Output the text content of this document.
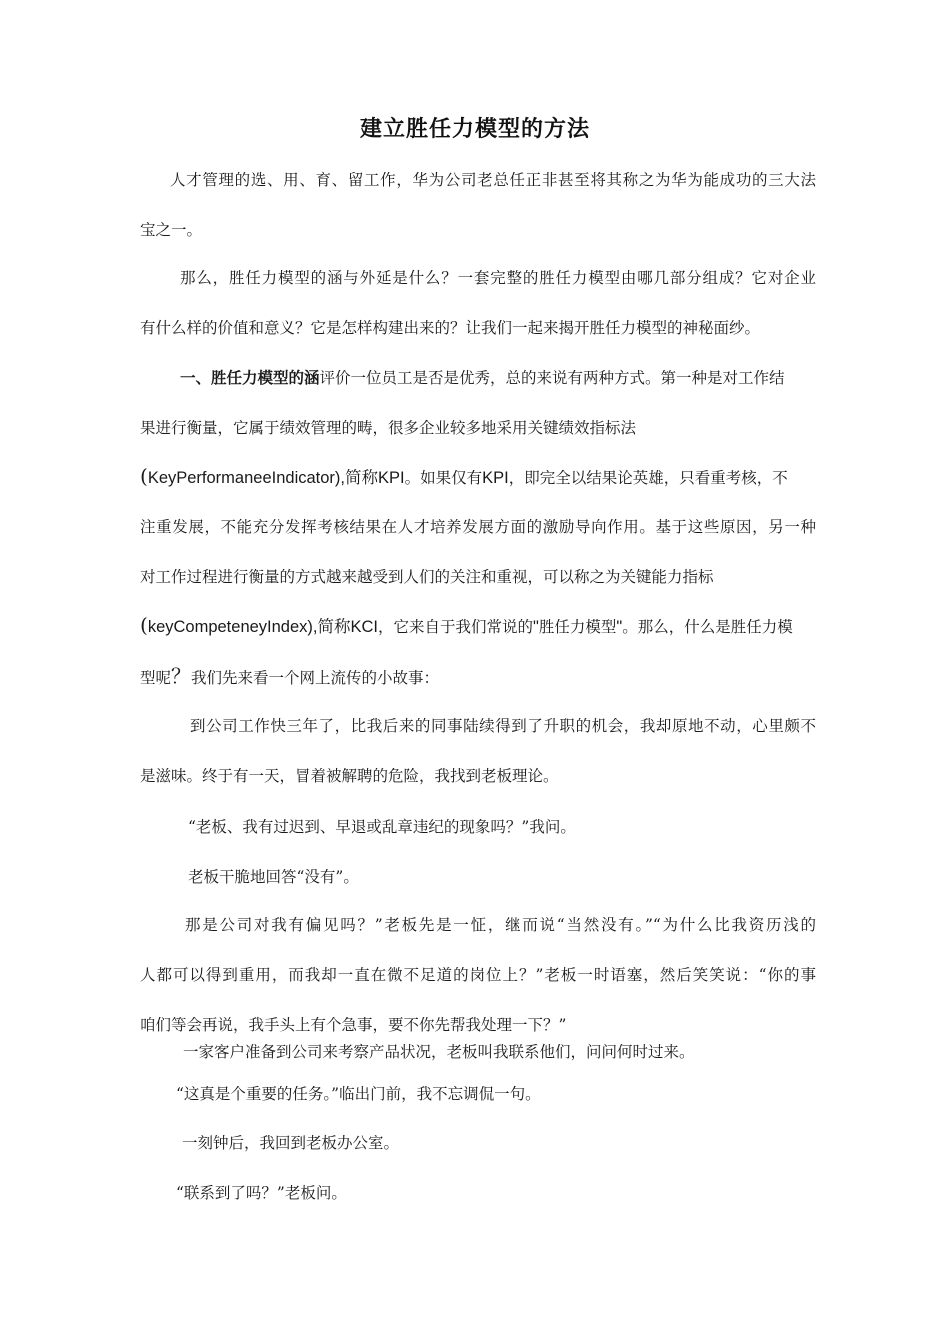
建立胜任力模型的方法

人才管理的选、用、育、留工作，华为公司老总任正非甚至将其称之为华为能成功的三大法

宝之一。

那么，胜任力模型的涵与外延是什么？一套完整的胜任力模型由哪几部分组成？它对企业

有什么样的价值和意义？它是怎样构建出来的？让我们一起来揭开胜任力模型的神秘面纱。

一、胜任力模型的涵评价一位员工是否是优秀，总的来说有两种方式。第一种是对工作结

果进行衡量，它属于绩效管理的畴，很多企业较多地采用关键绩效指标法

(KeyPerformaneeIndicator),简称KPI。如果仅有KPI，即完全以结果论英雄，只看重考核，不

注重发展，不能充分发挥考核结果在人才培养发展方面的激励导向作用。基于这些原因，另一种

对工作过程进行衡量的方式越来越受到人们的关注和重视，可以称之为关键能力指标

(keyCompeteneyIndex),简称KCI，它来自于我们常说的"胜任力模型"。那么，什么是胜任力模

型呢？我们先来看一个网上流传的小故事：

到公司工作快三年了，比我后来的同事陆续得到了升职的机会，我却原地不动，心里颇不

是滋味。终于有一天，冒着被解聘的危险，我找到老板理论。

“老板、我有过迟到、早退或乱章违纪的现象吗？”我问。

老板干脆地回答“没有”。

那是公司对我有偏见吗？”老板先是一怔，继而说“当然没有。”“为什么比我资历浅的

人都可以得到重用，而我却一直在微不足道的岗位上？”老板一时语塞，然后笑笑说：“你的事

咱们等会再说，我手头上有个急事，要不你先帮我处理一下？”

一家客户准备到公司来考察产品状况，老板叫我联系他们，问问何时过来。

“这真是个重要的任务。”临出门前，我不忘调侃一句。

一刻钟后，我回到老板办公室。

“联系到了吗？”老板问。
